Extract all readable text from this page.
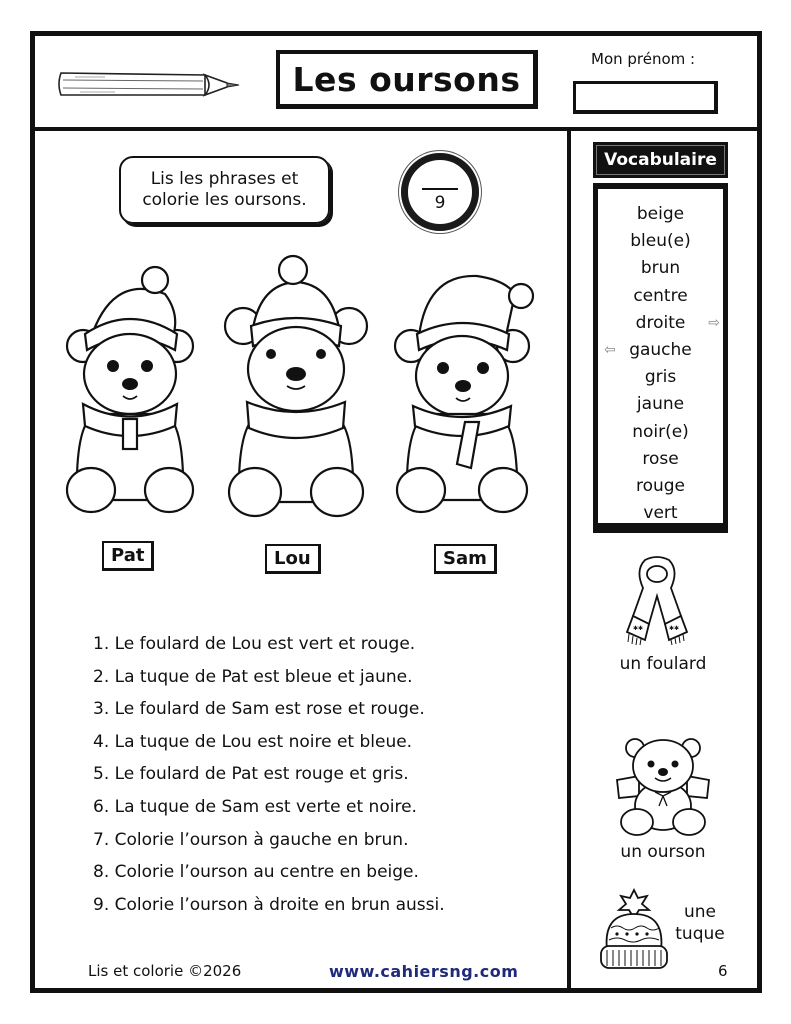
Les oursons
Mon prénom :
Lis les phrases et
colorie les oursons.	9
Pat	Lou	Sam
1. Le foulard de Lou est vert et rouge.
2. La tuque de Pat est bleue et jaune.
3. Le foulard de Sam est rose et rouge.
4. La tuque de Lou est noire et bleue.
5. Le foulard de Pat est rouge et gris.
6. La tuque de Sam est verte et noire.
7. Colorie l’ourson à gauche en brun.
8. Colorie l’ourson au centre en beige.
9. Colorie l’ourson à droite en brun aussi.
Lis et colorie ©2026	www.cahiersng.com	6
Vocabulaire
beige
bleu(e)
brun
centre
droite ⇨
⇦ gauche
gris
jaune
noir(e)
rose
rouge
vert
✱✱	✱✱
un foulard
un ourson
une
tuque
